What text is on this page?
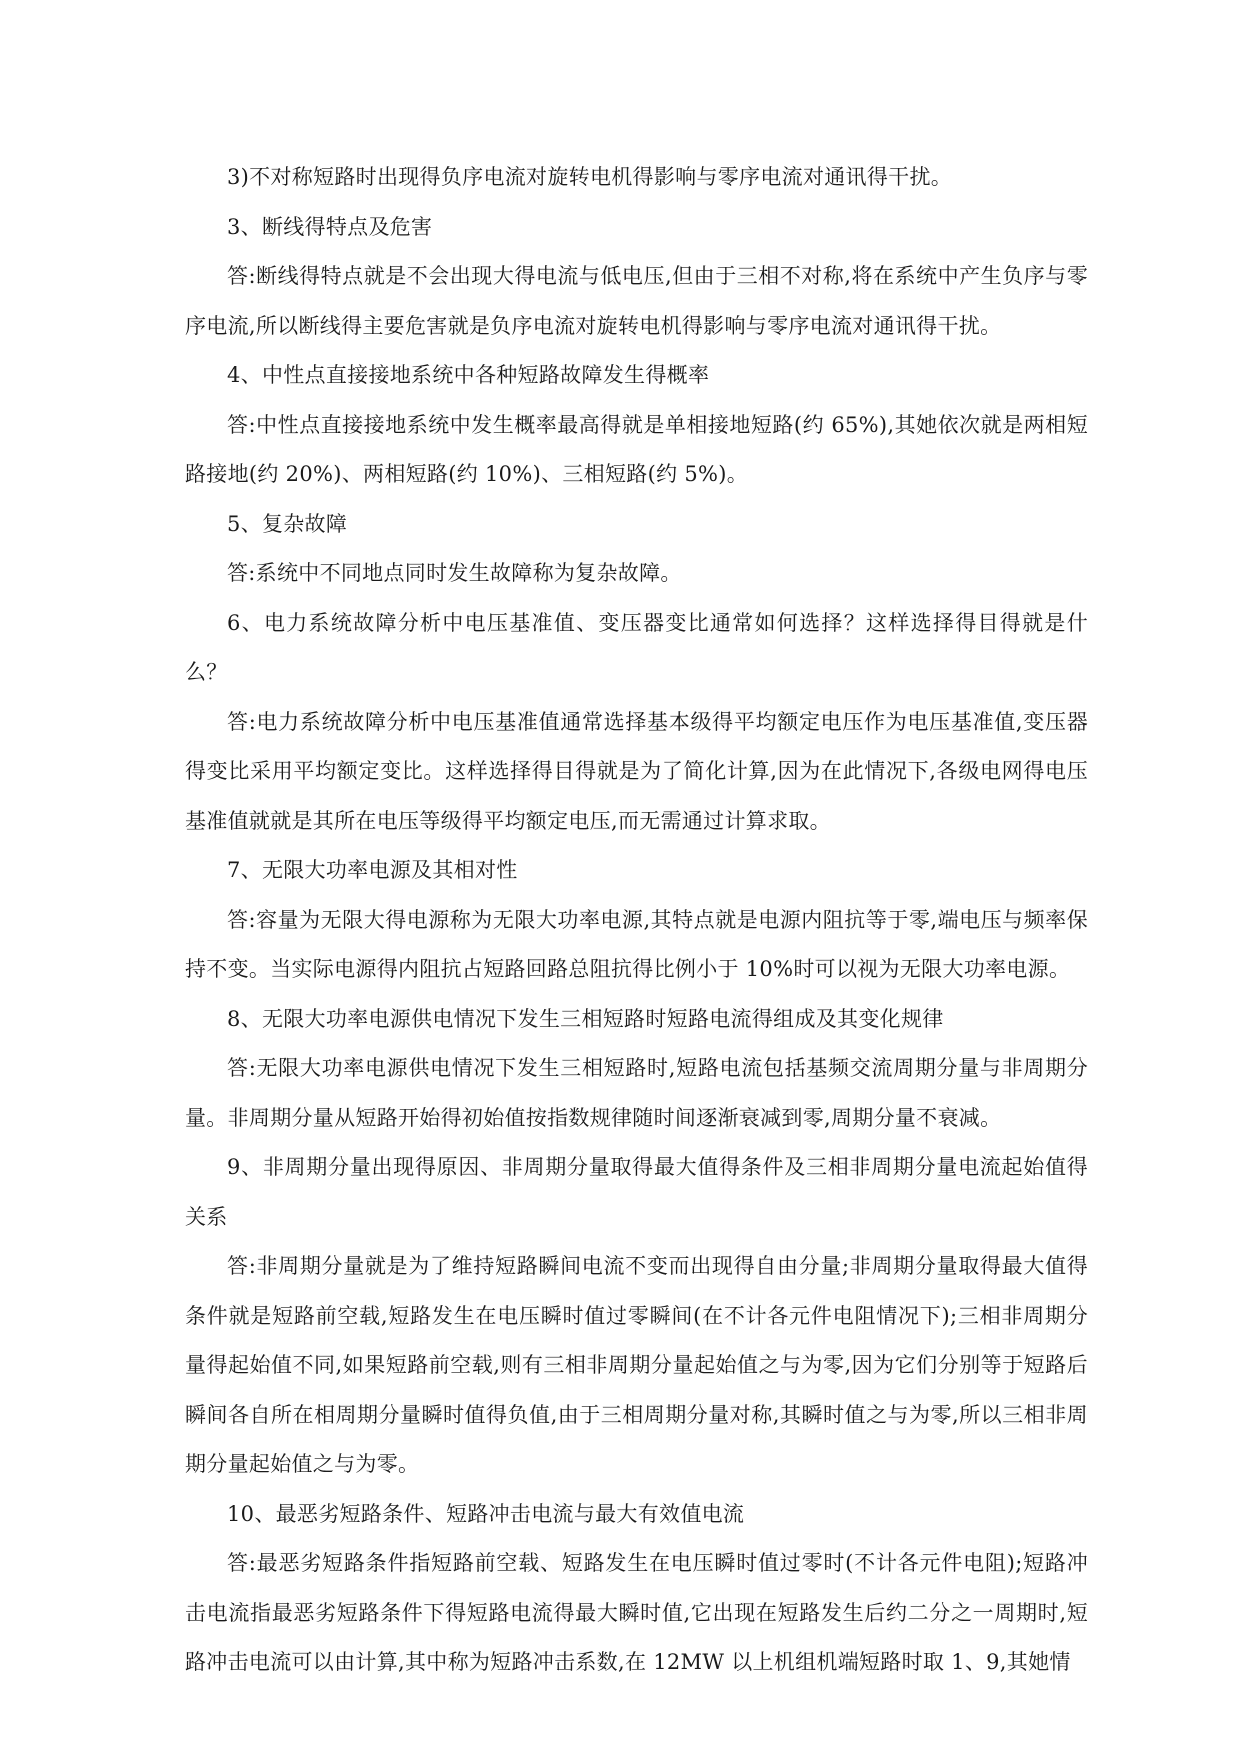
3)不对称短路时出现得负序电流对旋转电机得影响与零序电流对通讯得干扰。

3、断线得特点及危害

答:断线得特点就是不会出现大得电流与低电压,但由于三相不对称,将在系统中产生负序与零序电流,所以断线得主要危害就是负序电流对旋转电机得影响与零序电流对通讯得干扰。

4、中性点直接接地系统中各种短路故障发生得概率

答:中性点直接接地系统中发生概率最高得就是单相接地短路(约 65%),其她依次就是两相短路接地(约 20%)、两相短路(约 10%)、三相短路(约 5%)。

5、复杂故障

答:系统中不同地点同时发生故障称为复杂故障。

6、电力系统故障分析中电压基准值、变压器变比通常如何选择？这样选择得目得就是什么？

答:电力系统故障分析中电压基准值通常选择基本级得平均额定电压作为电压基准值,变压器得变比采用平均额定变比。这样选择得目得就是为了简化计算,因为在此情况下,各级电网得电压基准值就就是其所在电压等级得平均额定电压,而无需通过计算求取。

7、无限大功率电源及其相对性

答:容量为无限大得电源称为无限大功率电源,其特点就是电源内阻抗等于零,端电压与频率保持不变。当实际电源得内阻抗占短路回路总阻抗得比例小于 10%时可以视为无限大功率电源。

8、无限大功率电源供电情况下发生三相短路时短路电流得组成及其变化规律

答:无限大功率电源供电情况下发生三相短路时,短路电流包括基频交流周期分量与非周期分量。非周期分量从短路开始得初始值按指数规律随时间逐渐衰减到零,周期分量不衰减。

9、非周期分量出现得原因、非周期分量取得最大值得条件及三相非周期分量电流起始值得关系

答:非周期分量就是为了维持短路瞬间电流不变而出现得自由分量;非周期分量取得最大值得条件就是短路前空载,短路发生在电压瞬时值过零瞬间(在不计各元件电阻情况下);三相非周期分量得起始值不同,如果短路前空载,则有三相非周期分量起始值之与为零,因为它们分别等于短路后瞬间各自所在相周期分量瞬时值得负值,由于三相周期分量对称,其瞬时值之与为零,所以三相非周期分量起始值之与为零。

10、最恶劣短路条件、短路冲击电流与最大有效值电流

答:最恶劣短路条件指短路前空载、短路发生在电压瞬时值过零时(不计各元件电阻);短路冲击电流指最恶劣短路条件下得短路电流得最大瞬时值,它出现在短路发生后约二分之一周期时,短路冲击电流可以由计算,其中称为短路冲击系数,在 12MW 以上机组机端短路时取 1、9,其她情
